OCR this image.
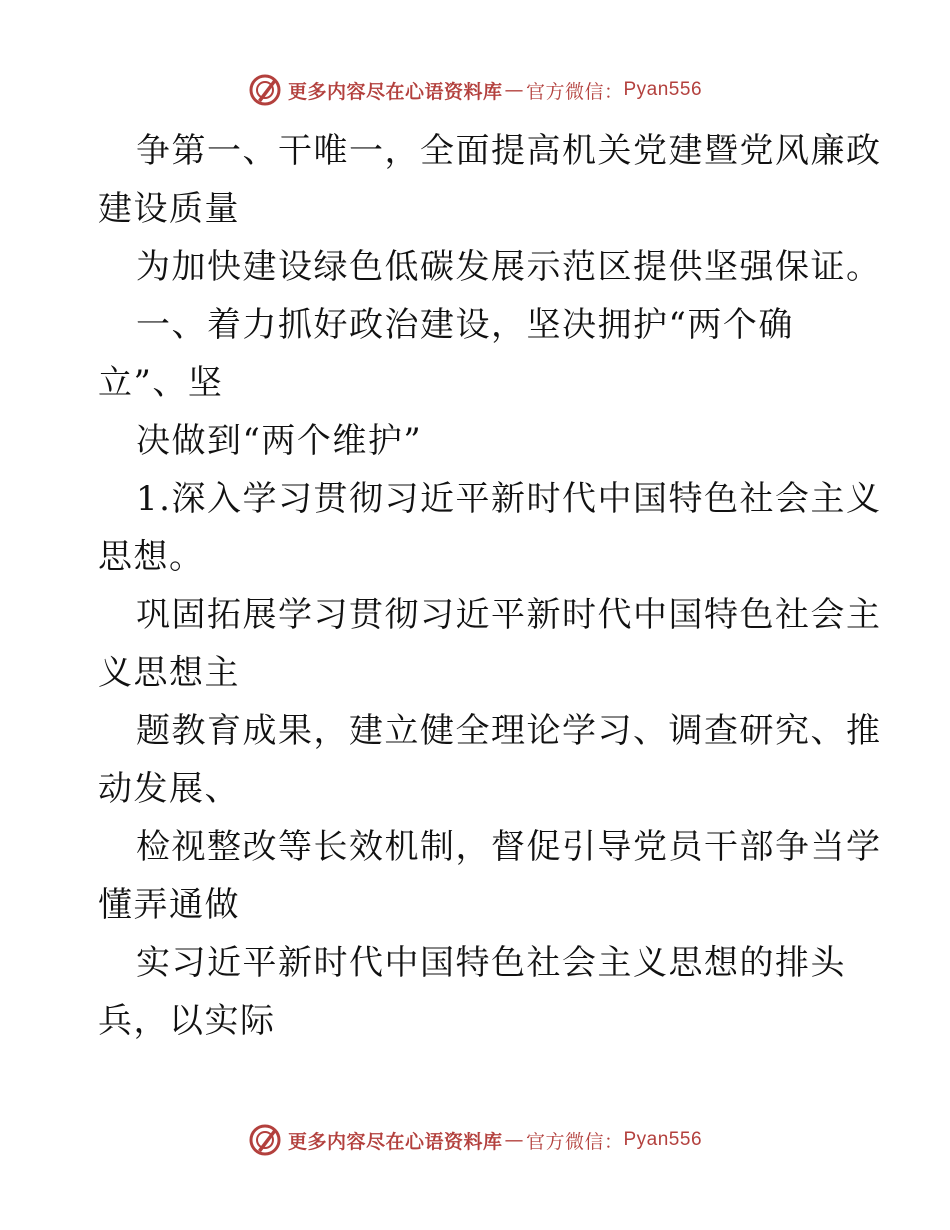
更多内容尽在心语资料库 — 官方微信： Pyan556
争第一、干唯一，全面提高机关党建暨党风廉政
建设质量
为加快建设绿色低碳发展示范区提供坚强保证。
一、着力抓好政治建设，坚决拥护“两个确
立”、坚
决做到“两个维护”
1.深入学习贯彻习近平新时代中国特色社会主义
思想。
巩固拓展学习贯彻习近平新时代中国特色社会主
义思想主
题教育成果，建立健全理论学习、调查研究、推
动发展、
检视整改等长效机制，督促引导党员干部争当学
懂弄通做
实习近平新时代中国特色社会主义思想的排头
兵，以实际
更多内容尽在心语资料库 — 官方微信： Pyan556
